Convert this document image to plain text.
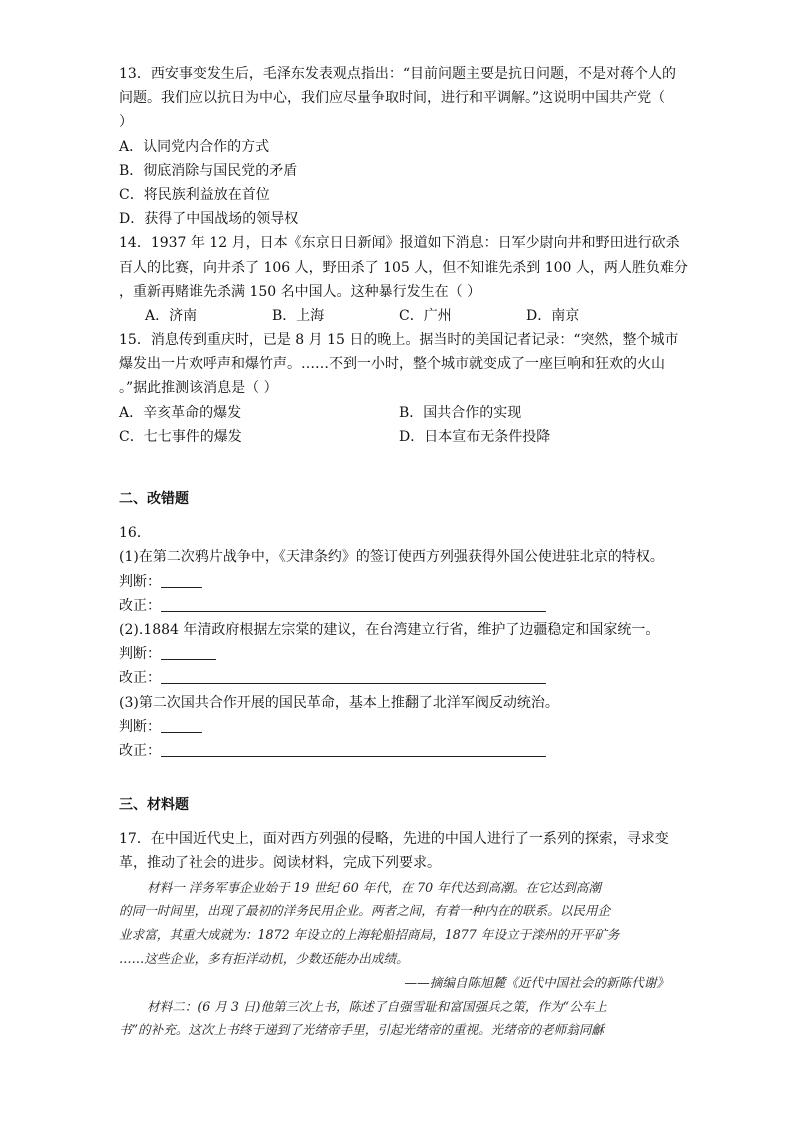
13．西安事变发生后，毛泽东发表观点指出：“目前问题主要是抗日问题，不是对蒋个人的
问题。我们应以抗日为中心，我们应尽量争取时间，进行和平调解。”这说明中国共产党（
）
A．认同党内合作的方式
B．彻底消除与国民党的矛盾
C．将民族利益放在首位
D．获得了中国战场的领导权
14．1937 年 12 月，日本《东京日日新闻》报道如下消息：日军少尉向井和野田进行砍杀
百人的比赛，向井杀了 106 人，野田杀了 105 人，但不知谁先杀到 100 人，两人胜负难分
，重新再赌谁先杀满 150 名中国人。这种暴行发生在（ ）
A．济南	B．上海	C．广州	D．南京
15．消息传到重庆时，已是 8 月 15 日的晚上。据当时的美国记者记录：“突然，整个城市
爆发出一片欢呼声和爆竹声。……不到一小时，整个城市就变成了一座巨响和狂欢的火山
。”据此推测该消息是（ ）
A．辛亥革命的爆发	B．国共合作的实现
C．七七事件的爆发	D．日本宣布无条件投降
二、改错题
16．
(1)在第二次鸦片战争中，《天津条约》的签订使西方列强获得外国公使进驻北京的特权。
判断：
改正：
(2).1884 年清政府根据左宗棠的建议，在台湾建立行省，维护了边疆稳定和国家统一。
判断：
改正：
(3)第二次国共合作开展的国民革命，基本上推翻了北洋军阀反动统治。
判断：
改正：
三、材料题
17．在中国近代史上，面对西方列强的侵略，先进的中国人进行了一系列的探索，寻求变
革，推动了社会的进步。阅读材料，完成下列要求。

材料一 洋务军事企业始于 19 世纪 60 年代，在 70 年代达到高潮。在它达到高潮

的同一时间里，出现了最初的洋务民用企业。两者之间，有着一种内在的联系。以民用企

业求富，其重大成就为：1872 年设立的上海轮船招商局，1877 年设立于滦州的开平矿务

……这些企业，多有拒洋动机，少数还能办出成绩。

——摘编自陈旭麓《近代中国社会的新陈代谢》

材料二：(6 月 3 日)他第三次上书，陈述了自强雪耻和富国强兵之策，作为“公车上

书”的补充。这次上书终于递到了光绪帝手里，引起光绪帝的重视。光绪帝的老师翁同龢
